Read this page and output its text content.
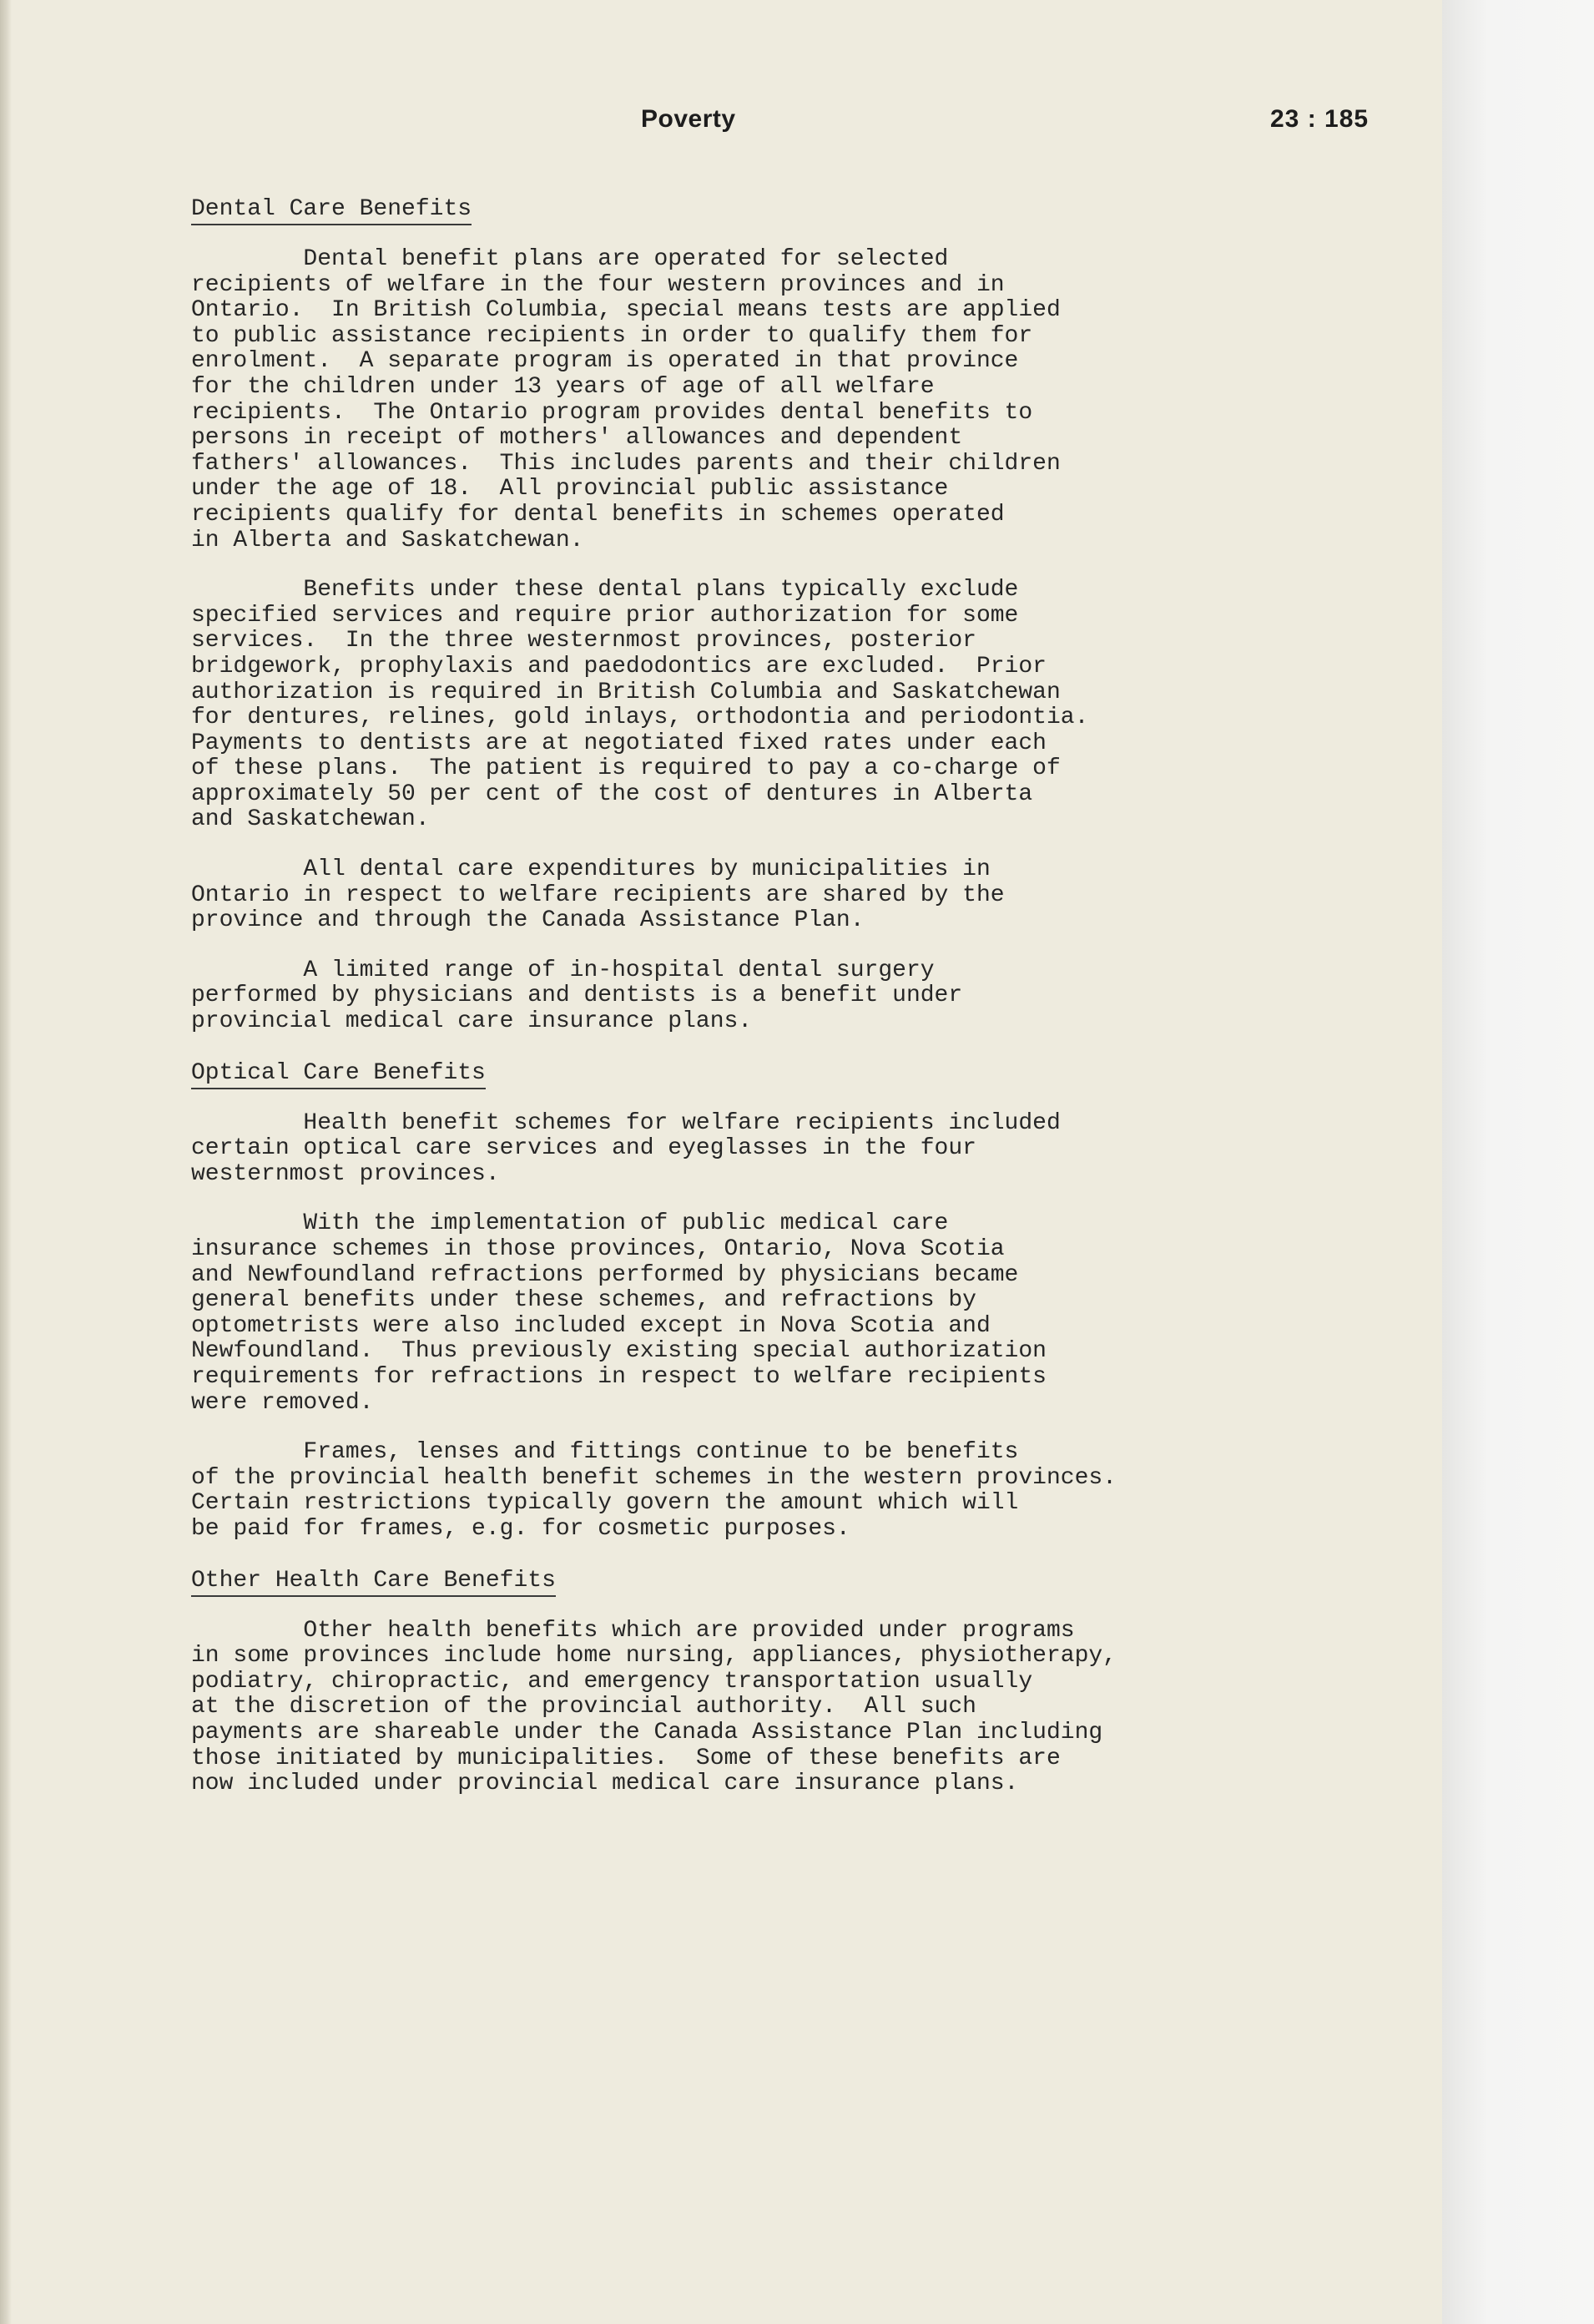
Poverty	23 : 185
Dental Care Benefits

Dental benefit plans are operated for selected
recipients of welfare in the four western provinces and in
Ontario.  In British Columbia, special means tests are applied
to public assistance recipients in order to qualify them for
enrolment.  A separate program is operated in that province
for the children under 13 years of age of all welfare
recipients.  The Ontario program provides dental benefits to
persons in receipt of mothers' allowances and dependent
fathers' allowances.  This includes parents and their children
under the age of 18.  All provincial public assistance
recipients qualify for dental benefits in schemes operated
in Alberta and Saskatchewan.

Benefits under these dental plans typically exclude
specified services and require prior authorization for some
services.  In the three westernmost provinces, posterior
bridgework, prophylaxis and paedodontics are excluded.  Prior
authorization is required in British Columbia and Saskatchewan
for dentures, relines, gold inlays, orthodontia and periodontia.
Payments to dentists are at negotiated fixed rates under each
of these plans.  The patient is required to pay a co-charge of
approximately 50 per cent of the cost of dentures in Alberta
and Saskatchewan.

All dental care expenditures by municipalities in
Ontario in respect to welfare recipients are shared by the
province and through the Canada Assistance Plan.

A limited range of in-hospital dental surgery
performed by physicians and dentists is a benefit under
provincial medical care insurance plans.

Optical Care Benefits

Health benefit schemes for welfare recipients included
certain optical care services and eyeglasses in the four
westernmost provinces.

With the implementation of public medical care
insurance schemes in those provinces, Ontario, Nova Scotia
and Newfoundland refractions performed by physicians became
general benefits under these schemes, and refractions by
optometrists were also included except in Nova Scotia and
Newfoundland.  Thus previously existing special authorization
requirements for refractions in respect to welfare recipients
were removed.

Frames, lenses and fittings continue to be benefits
of the provincial health benefit schemes in the western provinces.
Certain restrictions typically govern the amount which will
be paid for frames, e.g. for cosmetic purposes.

Other Health Care Benefits

Other health benefits which are provided under programs
in some provinces include home nursing, appliances, physiotherapy,
podiatry, chiropractic, and emergency transportation usually
at the discretion of the provincial authority.  All such
payments are shareable under the Canada Assistance Plan including
those initiated by municipalities.  Some of these benefits are
now included under provincial medical care insurance plans.
